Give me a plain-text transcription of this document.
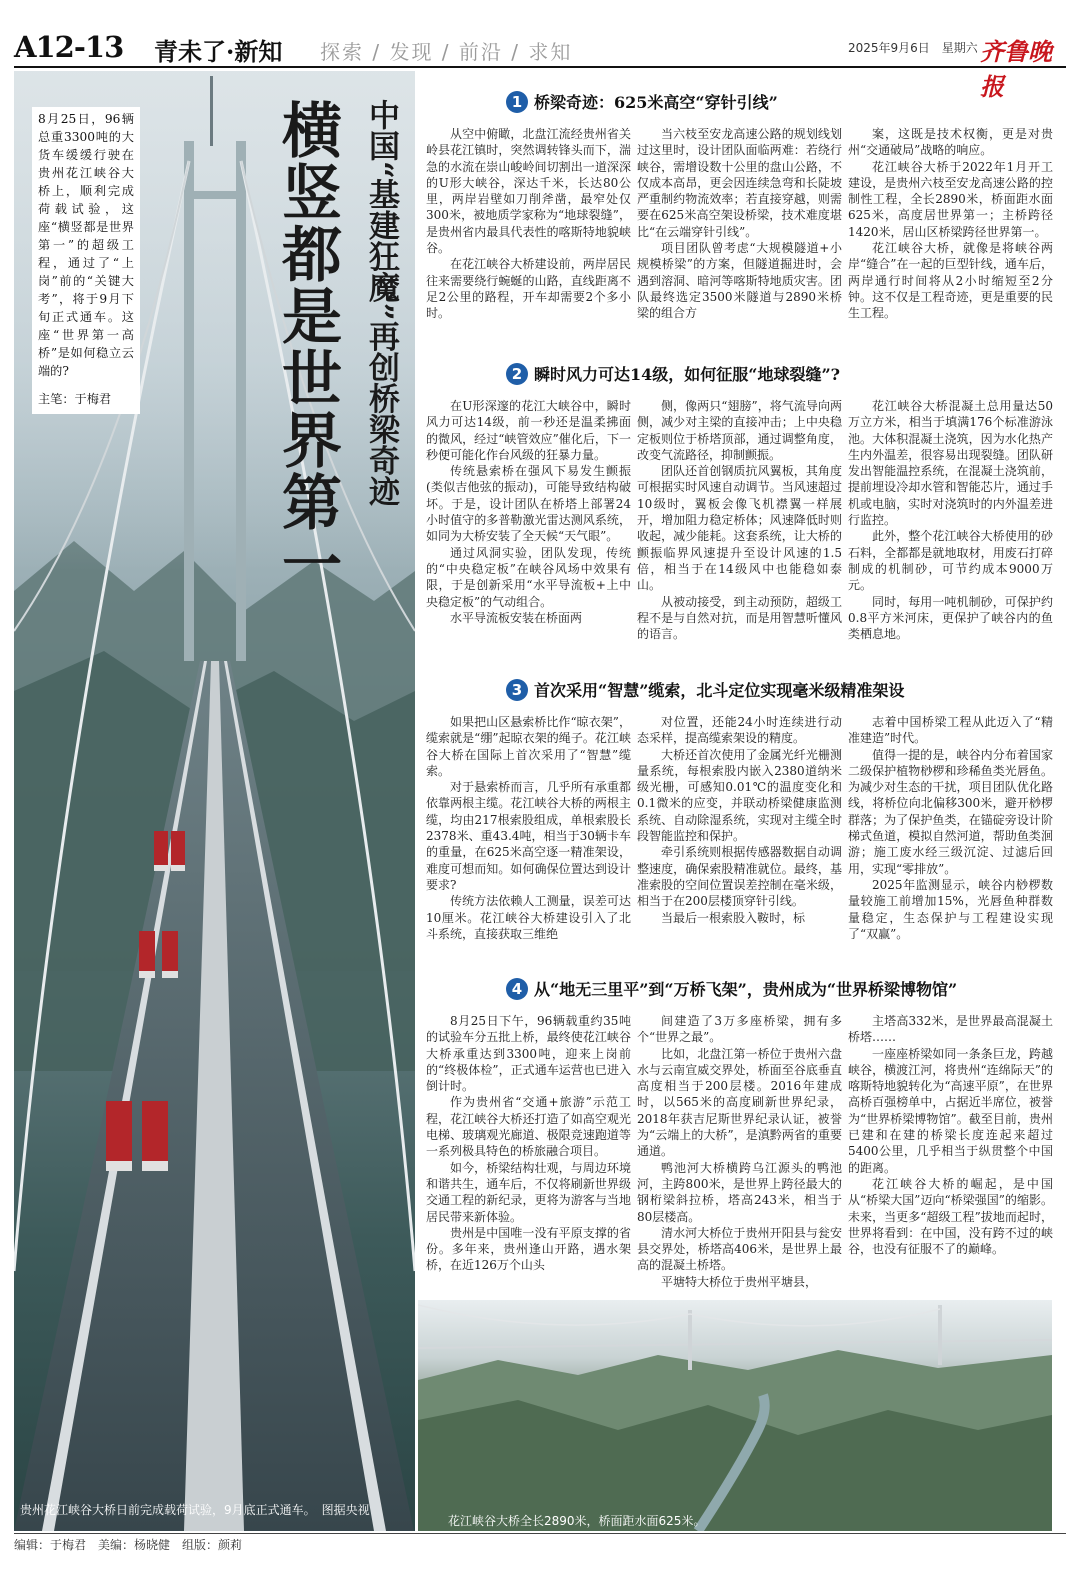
A12-13 青未了·新知 探索 / 发现 / 前沿 / 求知	2025年9月6日　星期六 齐鲁晚报

8月25日，96辆总重3300吨的大货车缓缓行驶在贵州花江峡谷大桥上，顺利完成荷载试验，这座“横竖都是世界第一”的超级工程，通过了“上岗”前的“关键大考”，将于9月下旬正式通车。这座“世界第一高桥”是如何稳立云端的?

主笔：于梅君	横竖都是世界第一 中国“基建狂魔”再创桥梁奇迹
贵州花江峡谷大桥日前完成载荷试验，9月底正式通车。　图据央视
1 桥梁奇迹：625米高空“穿针引线”

从空中俯瞰，北盘江流经贵州省关岭县花江镇时，突然调转锋头而下，湍急的水流在崇山峻岭间切割出一道深深的U形大峡谷，深达千米，长达80公里，两岸岩壁如刀削斧凿，最窄处仅300米，被地质学家称为“地球裂缝”，是贵州省内最具代表性的喀斯特地貌峡谷。

在花江峡谷大桥建设前，两岸居民往来需要绕行蜿蜒的山路，直线距离不足2公里的路程，开车却需要2个多小时。

当六枝至安龙高速公路的规划线划过这里时，设计团队面临两难：若绕行峡谷，需增设数十公里的盘山公路，不仅成本高昂，更会因连续急弯和长陡坡严重制约物流效率；若直接穿越，则需要在625米高空架设桥梁，技术难度堪比“在云端穿针引线”。

项目团队曾考虑“大规模隧道+小规模桥梁”的方案，但隧道掘进时，会遇到溶洞、暗河等喀斯特地质灾害。团队最终选定3500米隧道与2890米桥梁的组合方

案，这既是技术权衡，更是对贵州“交通破局”战略的响应。

花江峡谷大桥于2022年1月开工建设，是贵州六枝至安龙高速公路的控制性工程，全长2890米，桥面距水面625米，高度居世界第一；主桥跨径1420米，居山区桥梁跨径世界第一。

花江峡谷大桥，就像是将峡谷两岸“缝合”在一起的巨型针线，通车后，两岸通行时间将从2小时缩短至2分钟。这不仅是工程奇迹，更是重要的民生工程。

2 瞬时风力可达14级，如何征服“地球裂缝”?

在U形深邃的花江大峡谷中，瞬时风力可达14级，前一秒还是温柔拂面的微风，经过“峡管效应”催化后，下一秒便可能化作台风级的狂暴力量。

传统悬索桥在强风下易发生颤振(类似吉他弦的振动)，可能导致结构破坏。于是，设计团队在桥塔上部署24小时值守的多普勒激光雷达测风系统，如同为大桥安装了全天候“天气眼”。

通过风洞实验，团队发现，传统的“中央稳定板”在峡谷风场中效果有限，于是创新采用“水平导流板+上中央稳定板”的气动组合。

水平导流板安装在桥面两

侧，像两只“翅膀”，将气流导向两侧，减少对主梁的直接冲击；上中央稳定板则位于桥塔顶部，通过调整角度，改变气流路径，抑制颤振。

团队还首创钢质抗风翼板，其角度可根据实时风速自动调节。当风速超过10级时，翼板会像飞机襟翼一样展开，增加阻力稳定桥体；风速降低时则收起，减少能耗。这套系统，让大桥的颤振临界风速提升至设计风速的1.5倍，相当于在14级风中也能稳如泰山。

从被动接受，到主动预防，超级工程不是与自然对抗，而是用智慧听懂风的语言。

花江峡谷大桥混凝土总用量达50万立方米，相当于填满176个标准游泳池。大体积混凝土浇筑，因为水化热产生内外温差，很容易出现裂缝。团队研发出智能温控系统，在混凝土浇筑前，提前埋设冷却水管和智能芯片，通过手机或电脑，实时对浇筑时的内外温差进行监控。

此外，整个花江峡谷大桥使用的砂石料，全都都是就地取材，用废石打碎制成的机制砂，可节约成本9000万元。

同时，每用一吨机制砂，可保护约0.8平方米河床，更保护了峡谷内的鱼类栖息地。

3 首次采用“智慧”缆索，北斗定位实现毫米级精准架设

如果把山区悬索桥比作“晾衣架”，缆索就是“绷”起晾衣架的绳子。花江峡谷大桥在国际上首次采用了“智慧”缆索。

对于悬索桥而言，几乎所有承重都依靠两根主缆。花江峡谷大桥的两根主缆，均由217根索股组成，单根索股长2378米、重43.4吨，相当于30辆卡车的重量，在625米高空逐一精准架设，难度可想而知。如何确保位置达到设计要求?

传统方法依赖人工测量，误差可达10厘米。花江峡谷大桥建设引入了北斗系统，直接获取三维绝

对位置，还能24小时连续进行动态采样，提高缆索架设的精度。

大桥还首次使用了金属光纤光栅测量系统，每根索股内嵌入2380道纳米级光栅，可感知0.01℃的温度变化和0.1微米的应变，并联动桥梁健康监测系统、自动除湿系统，实现对主缆全时段智能监控和保护。

牵引系统则根据传感器数据自动调整速度，确保索股精准就位。最终，基准索股的空间位置误差控制在毫米级，相当于在200层楼顶穿针引线。

当最后一根索股入鞍时，标

志着中国桥梁工程从此迈入了“精准建造”时代。

值得一提的是，峡谷内分布着国家二级保护植物桫椤和珍稀鱼类光唇鱼。为减少对生态的干扰，项目团队优化路线，将桥位向北偏移300米，避开桫椤群落；为了保护鱼类，在锚碇旁设计阶梯式鱼道，模拟自然河道，帮助鱼类洄游；施工废水经三级沉淀、过滤后回用，实现“零排放”。

2025年监测显示，峡谷内桫椤数量较施工前增加15%，光唇鱼种群数量稳定，生态保护与工程建设实现了“双赢”。

4 从“地无三里平”到“万桥飞架”，贵州成为“世界桥梁博物馆”

8月25日下午，96辆载重约35吨的试验车分五批上桥，最终使花江峡谷大桥承重达到3300吨，迎来上岗前的“终极体检”，正式通车运营也已进入倒计时。

作为贵州省“交通+旅游”示范工程，花江峡谷大桥还打造了如高空观光电梯、玻璃观光廊道、极限竞速跑道等一系列极具特色的桥旅融合项目。

如今，桥梁结构壮观，与周边环境和谐共生，通车后，不仅将刷新世界级交通工程的新纪录，更将为游客与当地居民带来新体验。

贵州是中国唯一没有平原支撑的省份。多年来，贵州逢山开路，遇水架桥，在近126万个山头

间建造了3万多座桥梁，拥有多个“世界之最”。

比如，北盘江第一桥位于贵州六盘水与云南宣威交界处，桥面至谷底垂直高度相当于200层楼。2016年建成时，以565米的高度刷新世界纪录，2018年获吉尼斯世界纪录认证，被誉为“云端上的大桥”，是滇黔两省的重要通道。

鸭池河大桥横跨乌江源头的鸭池河，主跨800米，是世界上跨径最大的钢桁梁斜拉桥，塔高243米，相当于80层楼高。

清水河大桥位于贵州开阳县与瓮安县交界处，桥塔高406米，是世界上最高的混凝土桥塔。

平塘特大桥位于贵州平塘县，

主塔高332米，是世界最高混凝土桥塔……

一座座桥梁如同一条条巨龙，跨越峡谷，横渡江河，将贵州“连绵际天”的喀斯特地貌转化为“高速平原”，在世界高桥百强榜单中，占据近半席位，被誉为“世界桥梁博物馆”。截至目前，贵州已建和在建的桥梁长度连起来超过5400公里，几乎相当于纵贯整个中国的距离。

花江峡谷大桥的崛起，是中国从“桥梁大国”迈向“桥梁强国”的缩影。未来，当更多“超级工程”拔地而起时，世界将看到：在中国，没有跨不过的峡谷，也没有征服不了的巅峰。

花江峡谷大桥全长2890米，桥面距水面625米。
编辑：于梅君　美编：杨晓健　组版：颜莉
